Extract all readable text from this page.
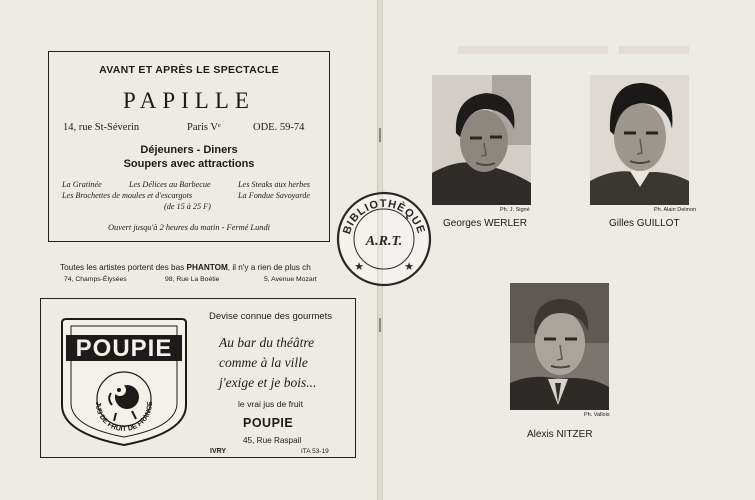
AVANT ET APRÈS LE SPECTACLE
PAPILLE
14, rue St-Séverin	Paris Vᵉ	ODE. 59-74
Déjeuners - Diners
Soupers avec attractions
La Gratinée	Les Délices au Barbecue	Les Steaks aux herbes
Les Brochettes de moules et d'escargots	La Fondue Savoyarde
(de 15 à 25 F)
Ouvert jusqu'à 2 heures du matin - Fermé Lundi
Toutes les artistes portent des bas PHANTOM, il n'y a rien de plus ch
74, Champs-Élysées	98, Rue La Boétie	5, Avenue Mozart
POUPIE
JUS DE FRUIT DE FRANCE
Devise connue des gourmets
Au bar du théâtre
comme à la ville
j'exige et je bois...
le vrai jus de fruit
POUPIE
45, Rue Raspail
IVRY	ITA 53-19
BIBLIOTHÈQUE
A.R.T.
★	★
Ph. J. Signé
Georges WERLER
Ph. Alain Delmon
Gilles GUILLOT
Ph. Vallois
Alexis NITZER
